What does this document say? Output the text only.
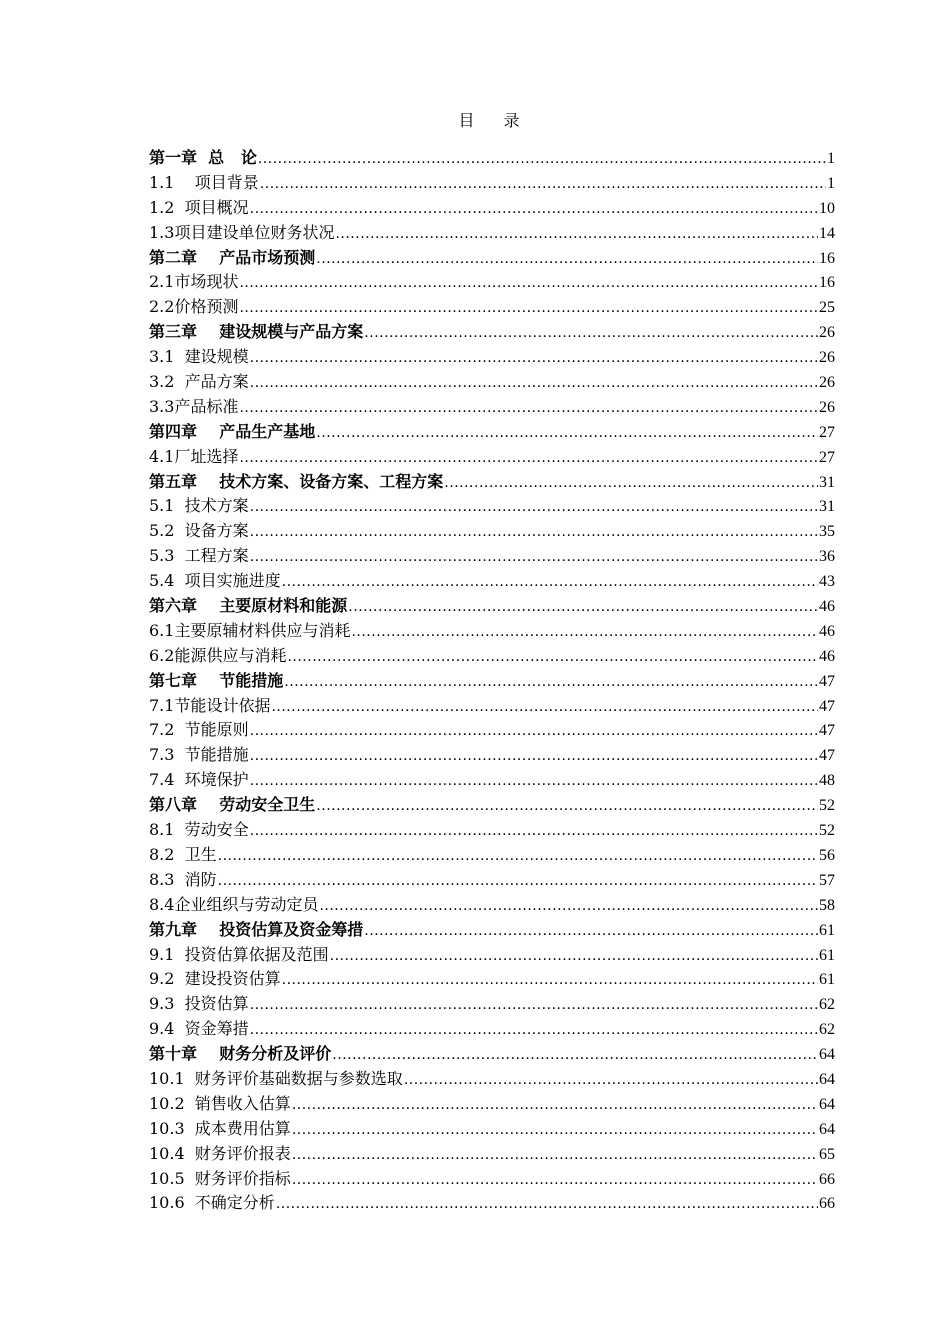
目 录
第一章  总   论 .....	1
1.1    项目背景 .....	1
1.2  项目概况 .....	10
1.3项目建设单位财务状况 .....	14
第二章    产品市场预测 .....	16
2.1市场现状 .....	16
2.2价格预测 .....	25
第三章    建设规模与产品方案 .....	26
3.1  建设规模 .....	26
3.2  产品方案 .....	26
3.3产品标准 .....	26
第四章    产品生产基地 .....	27
4.1厂址选择 .....	27
第五章    技术方案、设备方案、工程方案 .....	31
5.1  技术方案 .....	31
5.2  设备方案 .....	35
5.3  工程方案 .....	36
5.4  项目实施进度 .....	43
第六章    主要原材料和能源 .....	46
6.1主要原辅材料供应与消耗 .....	46
6.2能源供应与消耗 .....	46
第七章    节能措施 .....	47
7.1节能设计依据 .....	47
7.2  节能原则 .....	47
7.3  节能措施 .....	47
7.4  环境保护 .....	48
第八章    劳动安全卫生 .....	52
8.1  劳动安全 .....	52
8.2  卫生 .....	56
8.3  消防 .....	57
8.4企业组织与劳动定员 .....	58
第九章    投资估算及资金筹措 .....	61
9.1  投资估算依据及范围 .....	61
9.2  建设投资估算 .....	61
9.3  投资估算 .....	62
9.4  资金筹措 .....	62
第十章    财务分析及评价 .....	64
10.1  财务评价基础数据与参数选取 .....	64
10.2  销售收入估算 .....	64
10.3  成本费用估算 .....	64
10.4  财务评价报表 .....	65
10.5  财务评价指标 .....	66
10.6  不确定分析 .....	66
